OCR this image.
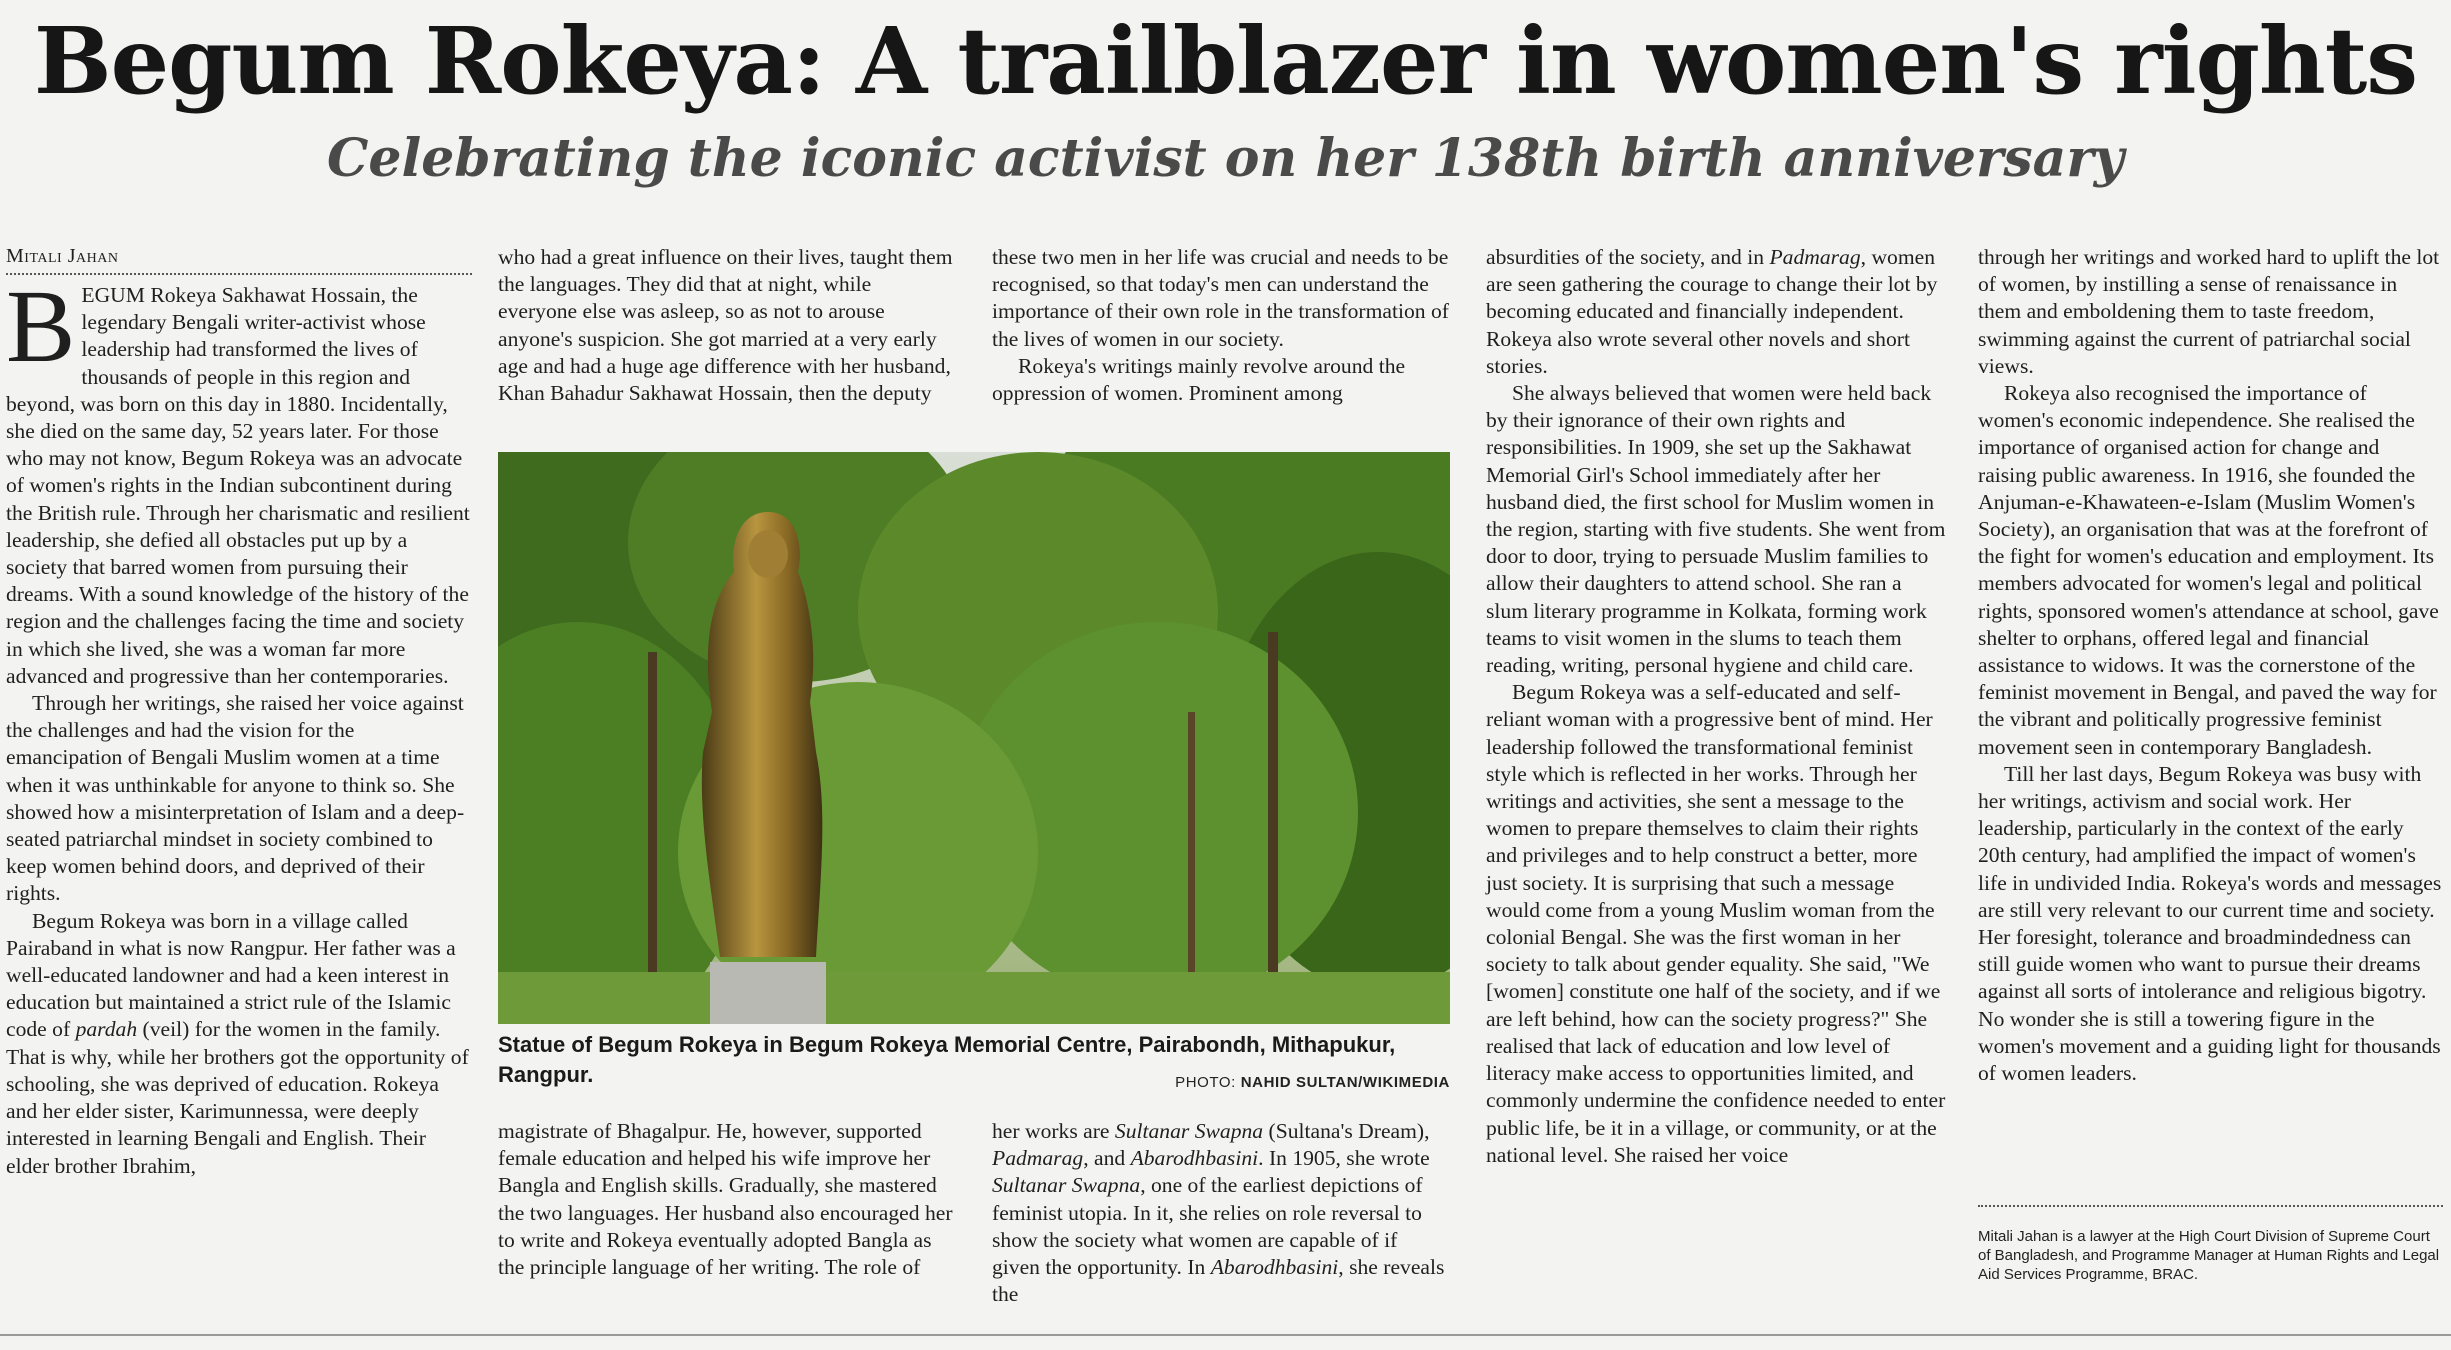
Begum Rokeya: A trailblazer in women's rights
Celebrating the iconic activist on her 138th birth anniversary
Mitali Jahan

BEGUM Rokeya Sakhawat Hossain, the legendary Bengali writer-activist whose leadership had transformed the lives of thousands of people in this region and beyond, was born on this day in 1880. Incidentally, she died on the same day, 52 years later. For those who may not know, Begum Rokeya was an advocate of women's rights in the Indian subcontinent during the British rule. Through her charismatic and resilient leadership, she defied all obstacles put up by a society that barred women from pursuing their dreams. With a sound knowledge of the history of the region and the challenges facing the time and society in which she lived, she was a woman far more advanced and progressive than her contemporaries.

Through her writings, she raised her voice against the challenges and had the vision for the emancipation of Bengali Muslim women at a time when it was unthinkable for anyone to think so. She showed how a misinterpretation of Islam and a deep-seated patriarchal mindset in society combined to keep women behind doors, and deprived of their rights.

Begum Rokeya was born in a village called Pairaband in what is now Rangpur. Her father was a well-educated landowner and had a keen interest in education but maintained a strict rule of the Islamic code of pardah (veil) for the women in the family. That is why, while her brothers got the opportunity of schooling, she was deprived of education. Rokeya and her elder sister, Karimunnessa, were deeply interested in learning Bengali and English. Their elder brother Ibrahim,

who had a great influence on their lives, taught them the languages. They did that at night, while everyone else was asleep, so as not to arouse anyone's suspicion. She got married at a very early age and had a huge age difference with her husband, Khan Bahadur Sakhawat Hossain, then the deputy

these two men in her life was crucial and needs to be recognised, so that today's men can understand the importance of their own role in the transformation of the lives of women in our society.

Rokeya's writings mainly revolve around the oppression of women. Prominent among

Statue of Begum Rokeya in Begum Rokeya Memorial Centre, Pairabondh, Mithapukur, Rangpur.	PHOTO: NAHID SULTAN/WIKIMEDIA

magistrate of Bhagalpur. He, however, supported female education and helped his wife improve her Bangla and English skills. Gradually, she mastered the two languages. Her husband also encouraged her to write and Rokeya eventually adopted Bangla as the principle language of her writing. The role of

her works are Sultanar Swapna (Sultana's Dream), Padmarag, and Abarodhbasini. In 1905, she wrote Sultanar Swapna, one of the earliest depictions of feminist utopia. In it, she relies on role reversal to show the society what women are capable of if given the opportunity. In Abarodhbasini, she reveals the

absurdities of the society, and in Padmarag, women are seen gathering the courage to change their lot by becoming educated and financially independent. Rokeya also wrote several other novels and short stories.

She always believed that women were held back by their ignorance of their own rights and responsibilities. In 1909, she set up the Sakhawat Memorial Girl's School immediately after her husband died, the first school for Muslim women in the region, starting with five students. She went from door to door, trying to persuade Muslim families to allow their daughters to attend school. She ran a slum literary programme in Kolkata, forming work teams to visit women in the slums to teach them reading, writing, personal hygiene and child care.

Begum Rokeya was a self-educated and self-reliant woman with a progressive bent of mind. Her leadership followed the transformational feminist style which is reflected in her works. Through her writings and activities, she sent a message to the women to prepare themselves to claim their rights and privileges and to help construct a better, more just society. It is surprising that such a message would come from a young Muslim woman from the colonial Bengal. She was the first woman in her society to talk about gender equality. She said, "We [women] constitute one half of the society, and if we are left behind, how can the society progress?" She realised that lack of education and low level of literacy make access to opportunities limited, and commonly undermine the confidence needed to enter public life, be it in a village, or community, or at the national level. She raised her voice

through her writings and worked hard to uplift the lot of women, by instilling a sense of renaissance in them and emboldening them to taste freedom, swimming against the current of patriarchal social views.

Rokeya also recognised the importance of women's economic independence. She realised the importance of organised action for change and raising public awareness. In 1916, she founded the Anjuman-e-Khawateen-e-Islam (Muslim Women's Society), an organisation that was at the forefront of the fight for women's education and employment. Its members advocated for women's legal and political rights, sponsored women's attendance at school, gave shelter to orphans, offered legal and financial assistance to widows. It was the cornerstone of the feminist movement in Bengal, and paved the way for the vibrant and politically progressive feminist movement seen in contemporary Bangladesh.

Till her last days, Begum Rokeya was busy with her writings, activism and social work. Her leadership, particularly in the context of the early 20th century, had amplified the impact of women's life in undivided India. Rokeya's words and messages are still very relevant to our current time and society. Her foresight, tolerance and broadmindedness can still guide women who want to pursue their dreams against all sorts of intolerance and religious bigotry. No wonder she is still a towering figure in the women's movement and a guiding light for thousands of women leaders.

Mitali Jahan is a lawyer at the High Court Division of Supreme Court of Bangladesh, and Programme Manager at Human Rights and Legal Aid Services Programme, BRAC.
